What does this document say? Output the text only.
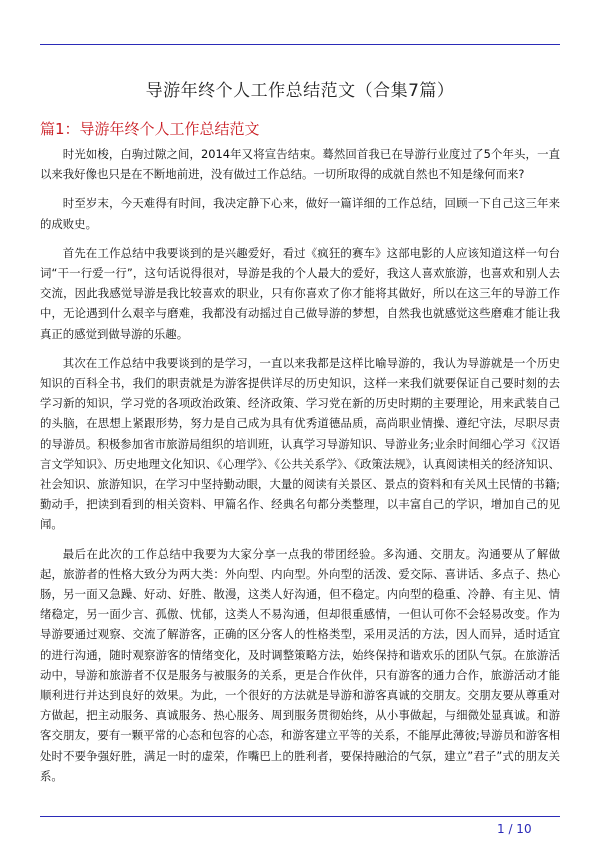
导游年终个人工作总结范文（合集7篇）
篇1：导游年终个人工作总结范文

时光如梭，白驹过隙之间，2014年又将宣告结束。蓦然回首我已在导游行业度过了5个年头，一直以来我好像也只是在不断地前进，没有做过工作总结。一切所取得的成就自然也不知是缘何而来?

时至岁末，今天难得有时间，我决定静下心来，做好一篇详细的工作总结，回顾一下自己这三年来的成败史。

首先在工作总结中我要谈到的是兴趣爱好，看过《疯狂的赛车》这部电影的人应该知道这样一句台词“干一行爱一行”，这句话说得很对，导游是我的个人最大的爱好，我这人喜欢旅游，也喜欢和别人去交流，因此我感觉导游是我比较喜欢的职业，只有你喜欢了你才能将其做好，所以在这三年的导游工作中，无论遇到什么艰辛与磨难，我都没有动摇过自己做导游的梦想，自然我也就感觉这些磨难才能让我真正的感觉到做导游的乐趣。

其次在工作总结中我要谈到的是学习，一直以来我都是这样比喻导游的，我认为导游就是一个历史知识的百科全书，我们的职责就是为游客提供详尽的历史知识，这样一来我们就要保证自己要时刻的去学习新的知识，学习党的各项政治政策、经济政策、学习党在新的历史时期的主要理论，用来武装自己的头脑，在思想上紧跟形势，努力是自己成为具有优秀道德品质，高尚职业情操、遵纪守法，尽职尽责的导游员。积极参加省市旅游局组织的培训班，认真学习导游知识、导游业务;业余时间细心学习《汉语言文学知识》、历史地理文化知识、《心理学》、《公共关系学》、《政策法规》，认真阅读相关的经济知识、社会知识、旅游知识，在学习中坚持勤动眼，大量的阅读有关景区、景点的资料和有关风土民情的书籍;勤动手，把读到看到的相关资料、甲篇名作、经典名句都分类整理，以丰富自己的学识，增加自己的见闻。

最后在此次的工作总结中我要为大家分享一点我的带团经验。多沟通、交朋友。沟通要从了解做起，旅游者的性格大致分为两大类：外向型、内向型。外向型的活泼、爱交际、喜讲话、多点子、热心肠，另一面又急躁、好动、好胜、散漫，这类人好沟通，但不稳定。内向型的稳重、冷静、有主见、情绪稳定，另一面少言、孤傲、忧郁，这类人不易沟通，但却很重感情，一但认可你不会轻易改变。作为导游要通过观察、交流了解游客，正确的区分客人的性格类型，采用灵活的方法，因人而异，适时适宜的进行沟通，随时观察游客的情绪变化，及时调整策略方法，始终保持和谐欢乐的团队气氛。在旅游活动中，导游和旅游者不仅是服务与被服务的关系，更是合作伙伴，只有游客的通力合作，旅游活动才能顺利进行并达到良好的效果。为此，一个很好的方法就是导游和游客真诚的交朋友。交朋友要从尊重对方做起，把主动服务、真诚服务、热心服务、周到服务贯彻始终，从小事做起，与细微处显真诚。和游客交朋友，要有一颗平常的心态和包容的心态，和游客建立平等的关系，不能厚此薄彼;导游员和游客相处时不要争强好胜，满足一时的虚荣，作嘴巴上的胜利者，要保持融洽的气氛，建立”君子”式的朋友关系。

1 / 10
